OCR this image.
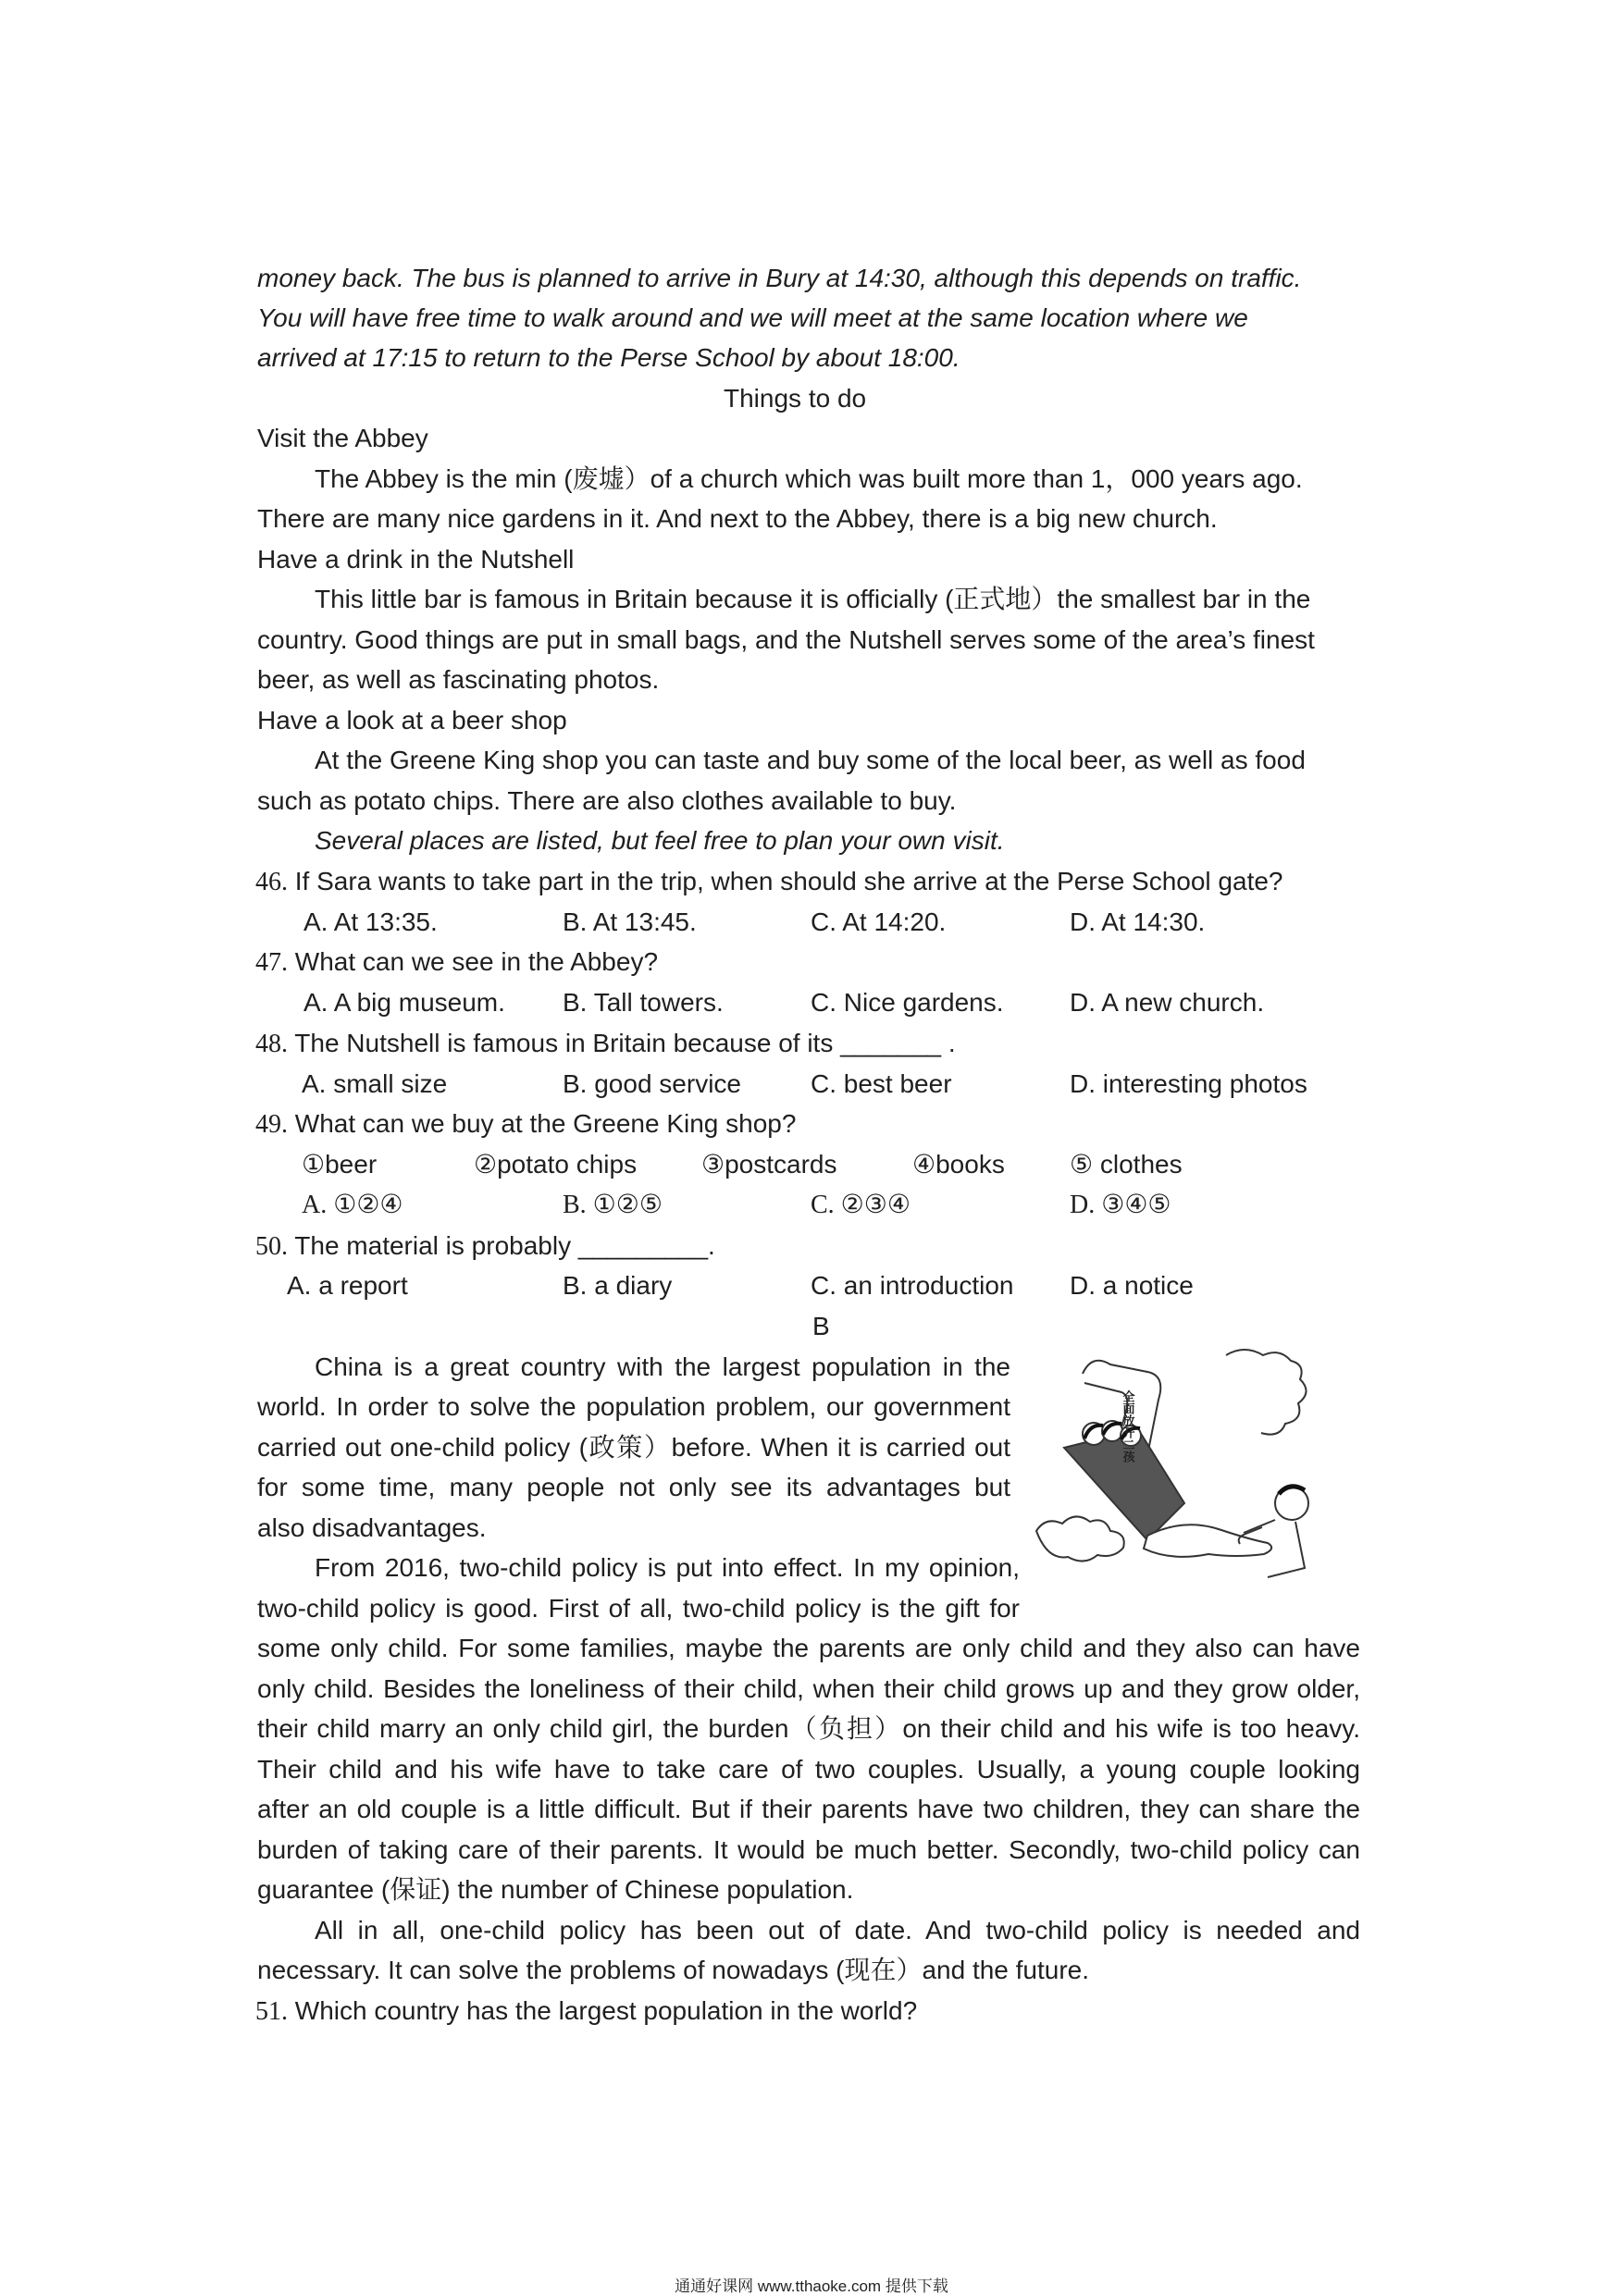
money back. The bus is planned to arrive in Bury at 14:30, although this depends on traffic.
You will have free time to walk around and we will meet at the same location where we
arrived at 17:15 to return to the Perse School by about 18:00.
Things to do
Visit the Abbey
The Abbey is the min (废墟）of a church which was built more than 1，000 years ago.
There are many nice gardens in it. And next to the Abbey, there is a big new church.
Have a drink in the Nutshell
This little bar is famous in Britain because it is officially (正式地）the smallest bar in the
country. Good things are put in small bags, and the Nutshell serves some of the area’s finest
beer, as well as fascinating photos.
Have a look at a beer shop
At the Greene King shop you can taste and buy some of the local beer, as well as food
such as potato chips. There are also clothes available to buy.
Several places are listed, but feel free to plan your own visit.
46. If Sara wants to take part in the trip, when should she arrive at the Perse School gate?
A. At 13:35.	B. At 13:45.	C. At 14:20.	D. At 14:30.
47. What can we see in the Abbey?
A. A big museum. B. Tall towers.	C. Nice gardens.	D. A new church.
48. The Nutshell is famous in Britain because of its _______ .
A. small size	B. good service	C. best beer	D. interesting photos
49. What can we buy at the Greene King shop?
①beer	②potato chips ③postcards	④books	⑤ clothes
A. ①②④	B. ①②⑤	C. ②③④	D. ③④⑤
50. The material is probably _________.
A. a report	B. a diary	C. an introduction D. a notice
B
China is a great country with the largest population in the
world. In order to solve the population problem, our government
carried out one-child policy (政策）before. When it is carried out
for some time, many people not only see its advantages but
also disadvantages.
From 2016, two-child policy is put into effect. In my opinion,
two-child policy is good. First of all, two-child policy is the gift for
some only child. For some families, maybe the parents are only child and they also can have
only child. Besides the loneliness of their child, when their child grows up and they grow older,
their child marry an only child girl, the burden（负担）on their child and his wife is too heavy.
Their child and his wife have to take care of two couples. Usually, a young couple looking
after an old couple is a little difficult. But if their parents have two children, they can share the
burden of taking care of their parents. It would be much better. Secondly, two-child policy can
guarantee (保证) the number of Chinese population.
All in all, one-child policy has been out of date. And two-child policy is needed and
necessary. It can solve the problems of nowadays (现在）and the future.
51. Which country has the largest population in the world?
全面放开二孩
通通好课网 www.tthaoke.com 提供下载
